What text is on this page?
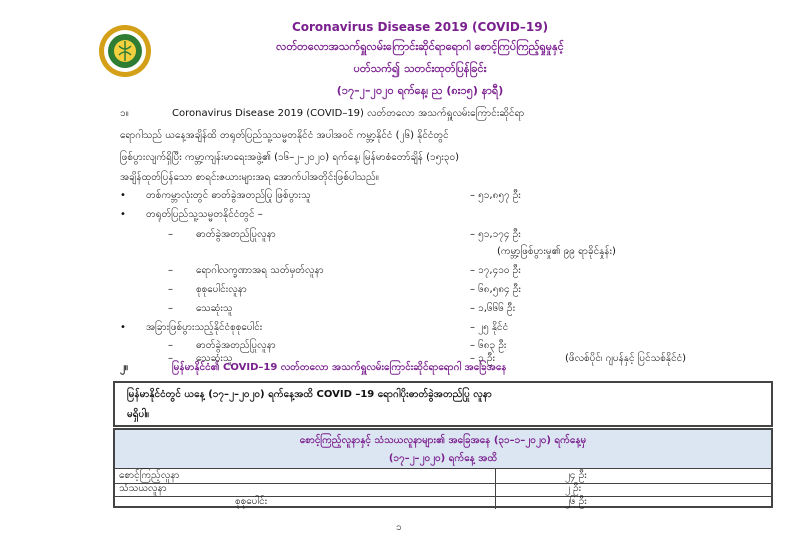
Coronavirus Disease 2019 (COVID–19)
လတ်တလောအသက်ရှူလမ်းကြောင်းဆိုင်ရာရောဂါ စောင့်ကြပ်ကြည့်ရှုမှုနှင့်
ပတ်သက်၍ သတင်းထုတ်ပြန်ခြင်း
(၁၇–၂–၂၀၂၀ ရက်နေ့၊ ည (၈း၁၅) နာရီ)
၁။	Coronavirus Disease 2019 (COVID–19) လတ်တလော အသက်ရှူလမ်းကြောင်းဆိုင်ရာ
ရောဂါသည် ယနေ့အချိန်ထိ တရုတ်ပြည်သူ့သမ္မတနိုင်ငံ အပါအဝင် ကမ္ဘာ့နိုင်ငံ (၂၆) နိုင်ငံတွင်
ဖြစ်ပွားလျက်ရှိပြီး ကမ္ဘာ့ကျန်းမာရေးအဖွဲ့၏ (၁၆–၂–၂၀၂၀) ရက်နေ့၊ မြန်မာစံတော်ချိန် (၁၅း၃၀)
အချိန်ထုတ်ပြန်သော စာရင်းဇယားများအရ အောက်ပါအတိုင်းဖြစ်ပါသည်။
•	တစ်ကမ္ဘာလုံးတွင် ဓာတ်ခွဲအတည်ပြု ဖြစ်ပွားသူ	– ၅၁,၈၅၇ ဦး
•	တရုတ်ပြည်သူ့သမ္မတနိုင်ငံတွင် –
–	ဓာတ်ခွဲအတည်ပြုလူနာ	– ၅၁,၁၇၄ ဦး
(ကမ္ဘာ့ဖြစ်ပွားမှု၏ ၉၉ ရာခိုင်နှုန်း)
–	ရောဂါလက္ခဏာအရ သတ်မှတ်လူနာ	– ၁၇,၄၁၀ ဦး
–	စုစုပေါင်းလူနာ	– ၆၈,၅၈၄ ဦး
–	သေဆုံးသူ	– ၁,၆၆၆ ဦး
•	အခြားဖြစ်ပွားသည့်နိုင်ငံစုစုပေါင်း	– ၂၅ နိုင်ငံ
–	ဓာတ်ခွဲအတည်ပြုလူနာ	– ၆၈၃ ဦး
–	သေဆုံးသူ	– ၃ ဦး	(ဖိလစ်ပိုင်၊ ဂျပန်နှင့် ပြင်သစ်နိုင်ငံ)
၂။	မြန်မာနိုင်ငံ၏ COVID–19 လတ်တလော အသက်ရှူလမ်းကြောင်းဆိုင်ရာရောဂါ အခြေအနေ
မြန်မာနိုင်ငံတွင် ယနေ့ (၁၇–၂–၂၀၂၀) ရက်နေ့အထိ COVID –19 ရောဂါပိုးဓာတ်ခွဲအတည်ပြု လူနာ
မရှိပါ။
စောင့်ကြည့်လူနာနှင့် သံသယလူနာများ၏ အခြေအနေ (၃၁–၁–၂၀၂၀) ရက်နေ့မှ
(၁၇–၂–၂၀၂၀) ရက်နေ့ အထိ
စောင့်ကြည့်လူနာ	၂၄ ဦး
သံသယလူနာ	၂ ဦး
စုစုပေါင်း	၂၆ ဦး
၁
